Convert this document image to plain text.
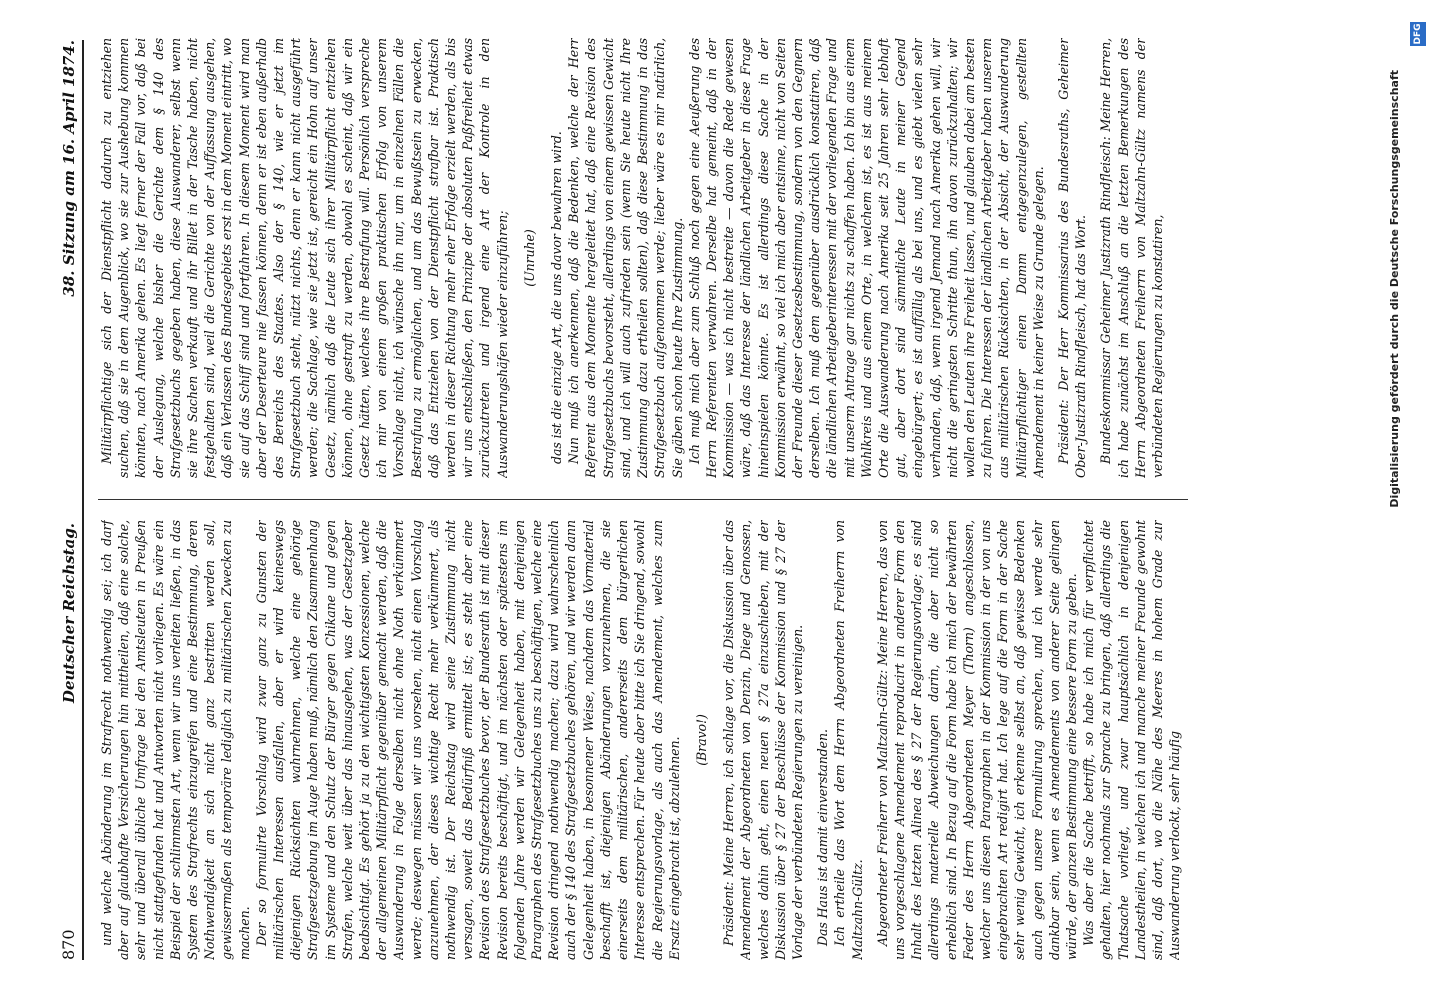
870
Deutscher Reichstag.
38. Sitzung am 16. April 1874.

und welche Abänderung im Strafrecht nothwendig sei; ich darf aber auf glaubhafte Versicherungen hin mittheilen, daß eine solche, sehr und überall übliche Umfrage bei den Amtsleuten in Preußen nicht stattgefunden hat und Antworten nicht vorliegen. Es wäre ein Beispiel der schlimmsten Art, wenn wir uns verleiten ließen, in das System des Strafrechts einzugreifen und eine Bestimmung, deren Nothwendigkeit an sich nicht ganz bestritten werden soll, gewissermaßen als temporäre lediglich zu militärischen Zwecken zu machen. Der so formulirte Vorschlag wird zwar ganz zu Gunsten der militärischen Interessen ausfallen, aber er wird keineswegs diejenigen Rücksichten wahrnehmen, welche eine gehörige Strafgesetzgebung im Auge haben muß, nämlich den Zusammenhang im Systeme und den Schutz der Bürger gegen Chikane und gegen Strafen, welche weit über das hinausgehen, was der Gesetzgeber beabsichtigt. Es gehört ja zu den wichtigsten Konzessionen, welche der allgemeinen Militärpflicht gegenüber gemacht werden, daß die Auswanderung in Folge derselben nicht ohne Noth verkümmert werde; deswegen müssen wir uns vorsehen, nicht einen Vorschlag anzunehmen, der dieses wichtige Recht mehr verkümmert, als nothwendig ist. Der Reichstag wird seine Zustimmung nicht versagen, soweit das Bedürfniß ermittelt ist; es steht aber eine Revision des Strafgesetzbuches bevor, der Bundesrath ist mit dieser Revision bereits beschäftigt, und im nächsten oder spätestens im folgenden Jahre werden wir Gelegenheit haben, mit denjenigen Paragraphen des Strafgesetzbuches uns zu beschäftigen, welche eine Revision dringend nothwendig machen; dazu wird wahrscheinlich auch der § 140 des Strafgesetzbuches gehören, und wir werden dann Gelegenheit haben, in besonnener Weise, nachdem das Vormaterial beschafft ist, diejenigen Abänderungen vorzunehmen, die sie einerseits dem militärischen, andererseits dem bürgerlichen Interesse entsprechen. Für heute aber bitte ich Sie dringend, sowohl die Regierungsvorlage, als auch das Amendement, welches zum Ersatz eingebracht ist, abzulehnen. (Bravo!) Präsident: Meine Herren, ich schlage vor, die Diskussion über das Amendement der Abgeordneten von Denzin, Diege und Genossen, welches dahin geht, einen neuen § 27a einzuschieben, mit der Diskussion über § 27 der Beschlüsse der Kommission und § 27 der Vorlage der verbündeten Regierungen zu vereinigen. Das Haus ist damit einverstanden. Ich ertheile das Wort dem Herrn Abgeordneten Freiherrn von Maltzahn-Gültz. Abgeordneter Freiherr von Maltzahn-Gültz: Meine Herren, das von uns vorgeschlagene Amendement reproducirt in anderer Form den Inhalt des letzten Alinea des § 27 der Regierungsvorlage; es sind allerdings materielle Abweichungen darin, die aber nicht so erheblich sind. In Bezug auf die Form habe ich mich der bewährten Feder des Herrn Abgeordneten Meyer (Thorn) angeschlossen, welcher uns diesen Paragraphen in der Kommission in der von uns eingebrachten Art redigirt hat. Ich lege auf die Form in der Sache sehr wenig Gewicht, ich erkenne selbst an, daß gewisse Bedenken auch gegen unsere Formulirung sprechen, und ich werde sehr dankbar sein, wenn es Amendements von anderer Seite gelingen würde, der ganzen Bestimmung eine bessere Form zu geben. Was aber die Sache betrifft, so habe ich mich für verpflichtet gehalten, hier nochmals zur Sprache zu bringen, daß allerdings die Thatsache vorliegt, und zwar hauptsächlich in denjenigen Landestheilen, in welchen ich und manche meiner Freunde gewohnt sind, daß dort, wo die Nähe des Meeres in hohem Grade zur Auswanderung verlockt, sehr häufig

Militärpflichtige sich der Dienstpflicht dadurch zu entziehen suchen, daß sie in dem Augenblick, wo sie zur Aushebung kommen könnten, nach Amerika gehen. Es liegt ferner der Fall vor, daß bei der Auslegung, welche bisher die Gerichte dem § 140 des Strafgesetzbuchs gegeben haben, diese Auswanderer, selbst wenn sie ihre Sachen verkauft und ihr Billet in der Tasche haben, nicht festgehalten sind, weil die Gerichte von der Auffassung ausgehen, daß ein Verlassen des Bundesgebiets erst in dem Moment eintritt, wo sie auf das Schiff sind und fortfahren. In diesem Moment wird man aber der Deserteure nie fassen können, denn er ist eben außerhalb des Bereichs des Staates. Also der § 140, wie er jetzt im Strafgesetzbuch steht, nützt nichts, denn er kann nicht ausgeführt werden; die Sachlage, wie sie jetzt ist, gereicht ein Hohn auf unser Gesetz, nämlich daß die Leute sich ihrer Militärpflicht entziehen können, ohne gestraft zu werden, obwohl es scheint, daß wir ein Gesetz hätten, welches ihre Bestrafung will. Persönlich verspreche ich mir von einem großen praktischen Erfolg von unserem Vorschlage nicht, ich wünsche ihn nur, um in einzelnen Fällen die Bestrafung zu ermöglichen, und um das Bewußtsein zu erwecken, daß das Entziehen von der Dienstpflicht strafbar ist. Praktisch werden in dieser Richtung mehr eher Erfolge erzielt werden, als bis wir uns entschließen, den Prinzipe der absoluten Paßfreiheit etwas zurückzutreten und irgend eine Art der Kontrole in den Auswanderungshäfen wieder einzuführen; (Unruhe) das ist die einzige Art, die uns davor bewahren wird. Nun muß ich anerkennen, daß die Bedenken, welche der Herr Referent aus dem Momente hergeleitet hat, daß eine Revision des Strafgesetzbuchs bevorsteht, allerdings von einem gewissen Gewicht sind, und ich will auch zufrieden sein (wenn Sie heute nicht Ihre Zustimmung dazu ertheilen sollten), daß diese Bestimmung in das Strafgesetzbuch aufgenommen werde; lieber wäre es mir natürlich, Sie gäben schon heute Ihre Zustimmung. Ich muß mich aber zum Schluß noch gegen eine Aeußerung des Herrn Referenten verwahren. Derselbe hat gemeint, daß in der Kommission — was ich nicht bestreite — davon die Rede gewesen wäre, daß das Interesse der ländlichen Arbeitgeber in diese Frage hineinspielen könnte. Es ist allerdings diese Sache in der Kommission erwähnt, so viel ich mich aber entsinne, nicht von Seiten der Freunde dieser Gesetzesbestimmung, sondern von den Gegnern derselben. Ich muß dem gegenüber ausdrücklich konstatiren, daß die ländlichen Arbeitgeberinteressen mit der vorliegenden Frage und mit unserm Antrage gar nichts zu schaffen haben. Ich bin aus einem Wahlkreis und aus einem Orte, in welchem ist, es ist aus meinem Orte die Auswanderung nach Amerika seit 25 Jahren sehr lebhaft gut, aber dort sind sämmtliche Leute in meiner Gegend eingebürgert; es ist auffällig als bei uns, und es giebt vielen sehr verhanden, daß, wenn irgend Jemand nach Amerika gehen will, wir nicht die geringsten Schritte thun, ihn davon zurückzuhalten; wir wollen den Leuten ihre Freiheit lassen, und glauben dabei am besten zu fahren. Die Interessen der ländlichen Arbeitgeber haben unserem aus militärischen Rücksichten, in der Absicht, der Auswanderung Militärpflichtiger einen Damm entgegenzulegen, gestellten Amendement in keiner Weise zu Grunde gelegen. Präsident: Der Herr Kommissarius des Bundesraths, Geheimer Ober-Justizrath Rindfleisch, hat das Wort. Bundeskommissar Geheimer Justizrath Rindfleisch: Meine Herren, ich habe zunächst im Anschluß an die letzten Bemerkungen des Herrn Abgeordneten Freiherrn von Maltzahn-Gültz namens der verbündeten Regierungen zu konstatiren,	Digitalisierung gefördert durch die Deutsche Forschungsgemeinschaft
DFG
